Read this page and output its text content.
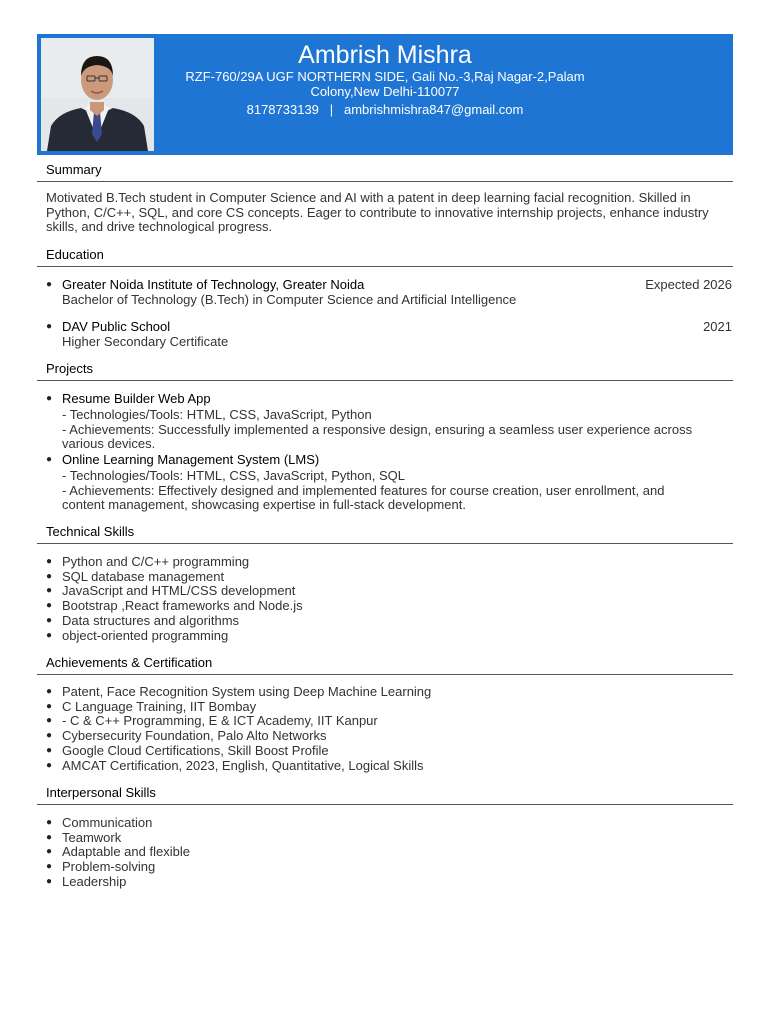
Ambrish Mishra
RZF-760/29A UGF NORTHERN SIDE, Gali No.-3,Raj Nagar-2,Palam
Colony,New Delhi-110077
8178733139 | ambrishmishra847@gmail.com
Summary
Motivated B.Tech student in Computer Science and AI with a patent in deep learning facial recognition. Skilled in
Python, C/C++, SQL, and core CS concepts. Eager to contribute to innovative internship projects, enhance industry
skills, and drive technological progress.
Education
● Greater Noida Institute of Technology, Greater Noida	Expected 2026
Bachelor of Technology (B.Tech) in Computer Science and Artificial Intelligence
● DAV Public School	2021
Higher Secondary Certificate
Projects
● Resume Builder Web App
- Technologies/Tools: HTML, CSS, JavaScript, Python
- Achievements: Successfully implemented a responsive design, ensuring a seamless user experience across
various devices.
● Online Learning Management System (LMS)
- Technologies/Tools: HTML, CSS, JavaScript, Python, SQL
- Achievements: Effectively designed and implemented features for course creation, user enrollment, and
content management, showcasing expertise in full-stack development.
Technical Skills
● Python and C/C++ programming
● SQL database management
● JavaScript and HTML/CSS development
● Bootstrap ,React frameworks and Node.js
● Data structures and algorithms
● object-oriented programming
Achievements & Certification
● Patent, Face Recognition System using Deep Machine Learning
● C Language Training, IIT Bombay
● - C & C++ Programming, E & ICT Academy, IIT Kanpur
● Cybersecurity Foundation, Palo Alto Networks
● Google Cloud Certifications, Skill Boost Profile
● AMCAT Certification, 2023, English, Quantitative, Logical Skills
Interpersonal Skills
● Communication
● Teamwork
● Adaptable and flexible
● Problem-solving
● Leadership
